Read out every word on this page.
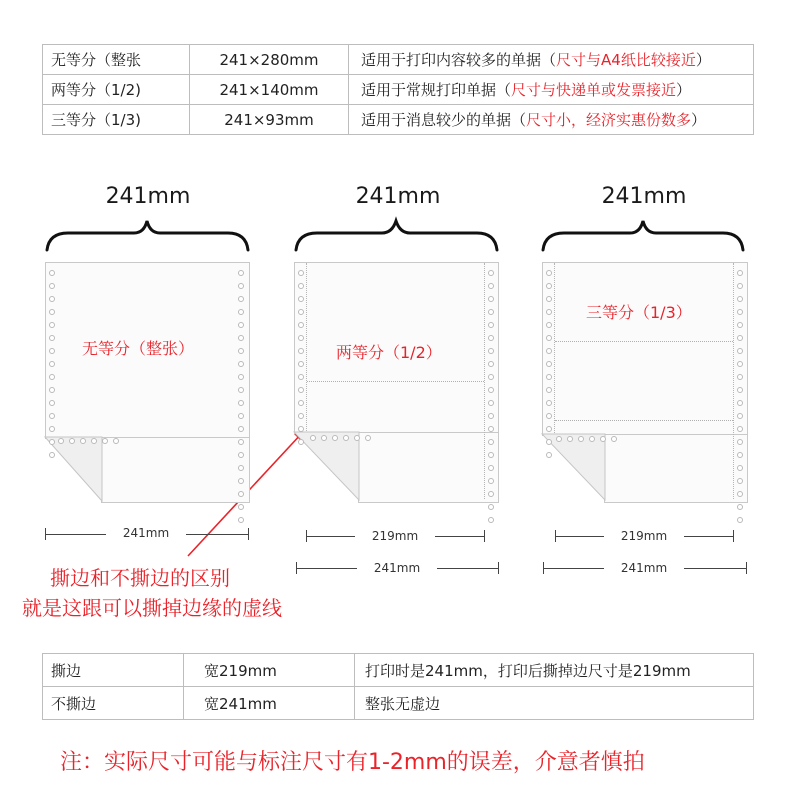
无等分（整张	241×280mm	适用于打印内容较多的单据（尺寸与A4纸比较接近）
两等分（1/2)	241×140mm	适用于常规打印单据（尺寸与快递单或发票接近）
三等分（1/3)	241×93mm	适用于消息较少的单据（尺寸小，经济实惠份数多）
241mm	241mm	241mm
无等分（整张）	两等分（1/2）
三等分（1/3）
241mm	219mm
241mm
219mm
241mm
撕边和不撕边的区别
就是这跟可以撕掉边缘的虚线
撕边	宽219mm	打印时是241mm，打印后撕掉边尺寸是219mm
不撕边	宽241mm	整张无虚边
注：实际尺寸可能与标注尺寸有1-2mm的误差，介意者慎拍
